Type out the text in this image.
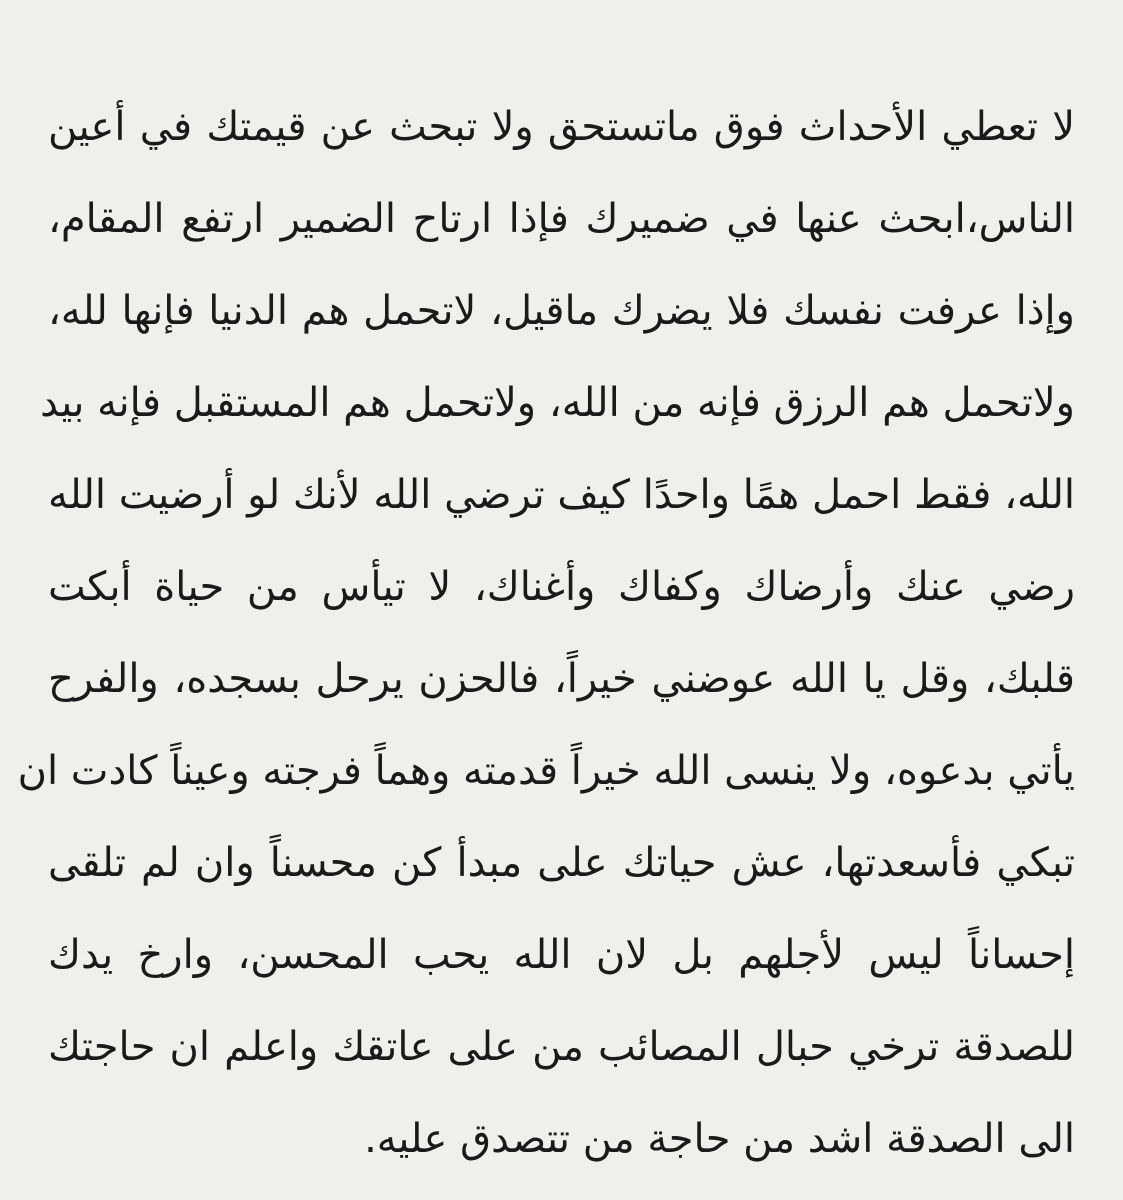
لا تعطي الأحداث فوق ماتستحق ولا تبحث عن قيمتك في أعين
الناس،ابحث عنها في ضميرك فإذا ارتاح الضمير ارتفع المقام،
وإذا عرفت نفسك فلا يضرك ماقيل، لاتحمل هم الدنيا فإنها لله،
ولاتحمل هم الرزق فإنه من الله، ولاتحمل هم المستقبل فإنه بيد
الله، فقط احمل همًا واحدًا كيف ترضي الله لأنك لو أرضيت الله
رضي عنك وأرضاك وكفاك وأغناك، لا تيأس من حياة أبكت
قلبك، وقل يا الله عوضني خيراً، فالحزن يرحل بسجده، والفرح
يأتي بدعوه، ولا ينسى الله خيراً قدمته وهماً فرجته وعيناً كادت ان
تبكي فأسعدتها، عش حياتك على مبدأ كن محسناً وان لم تلقى
إحساناً ليس لأجلهم بل لان الله يحب المحسن، وارخ يدك
للصدقة ترخي حبال المصائب من على عاتقك واعلم ان حاجتك
الى الصدقة اشد من حاجة من تتصدق عليه.
